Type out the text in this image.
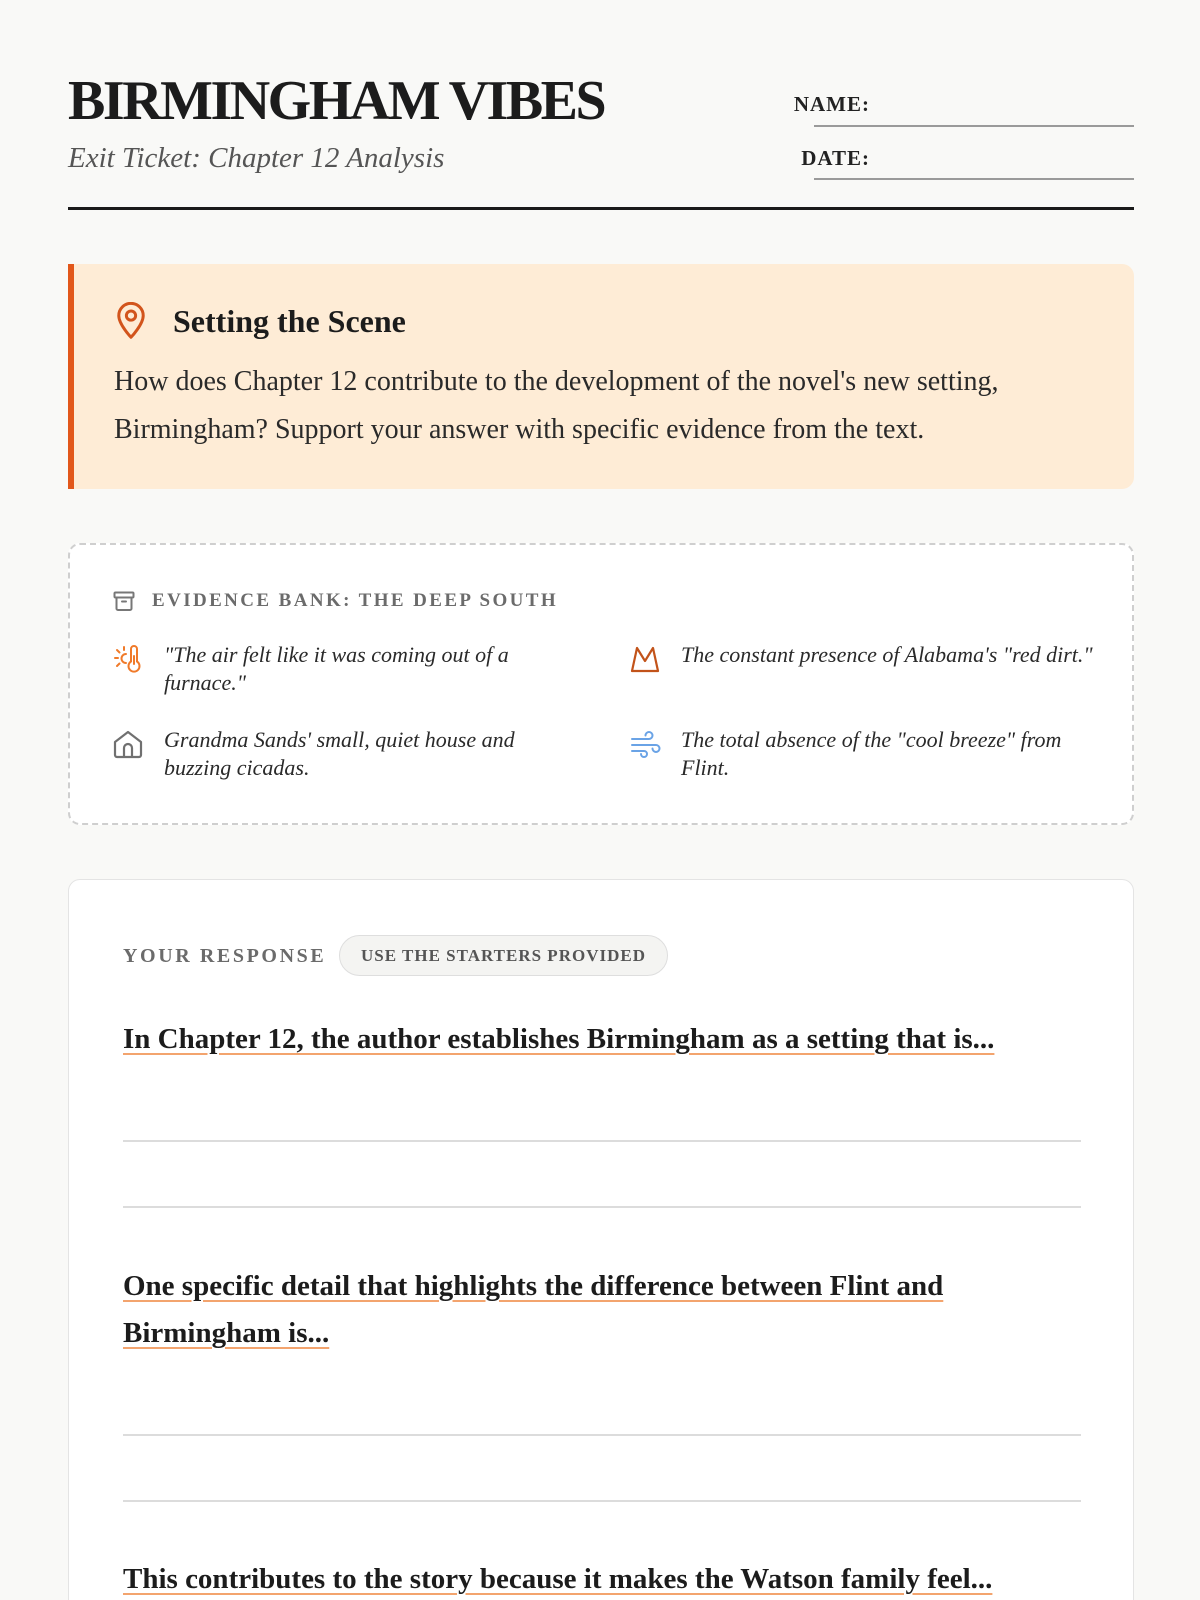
BIRMINGHAM VIBES
Exit Ticket: Chapter 12 Analysis
NAME:
DATE:
Setting the Scene
How does Chapter 12 contribute to the development of the novel's new setting, Birmingham? Support your answer with specific evidence from the text.
EVIDENCE BANK: THE DEEP SOUTH
"The air felt like it was coming out of a furnace."
The constant presence of Alabama's "red dirt."
Grandma Sands' small, quiet house and buzzing cicadas.
The total absence of the "cool breeze" from Flint.
YOUR RESPONSE	USE THE STARTERS PROVIDED
In Chapter 12, the author establishes Birmingham as a setting that is...
One specific detail that highlights the difference between Flint and Birmingham is...
This contributes to the story because it makes the Watson family feel...
